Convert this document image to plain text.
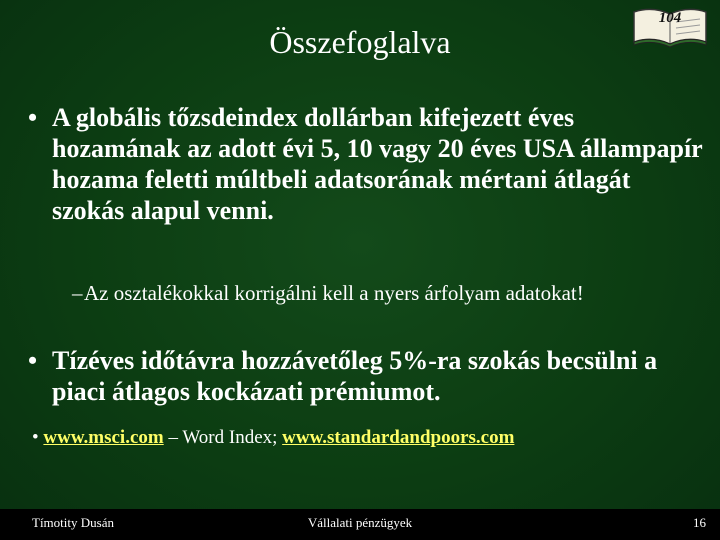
Összefoglalva
104
• A globális tőzsdeindex dollárban kifejezett éves hozamának az adott évi 5, 10 vagy 20 éves USA állampapír hozama feletti múltbeli adatsorának mértani átlagát szokás alapul venni.
– Az osztalékokkal korrigálni kell a nyers árfolyam adatokat!
• Tízéves időtávra hozzávetőleg 5%-ra szokás becsülni a piaci átlagos kockázati prémiumot.
• www.msci.com – Word Index; www.standardandpoors.com
Tímotity Dusán	Vállalati pénzügyek	16
